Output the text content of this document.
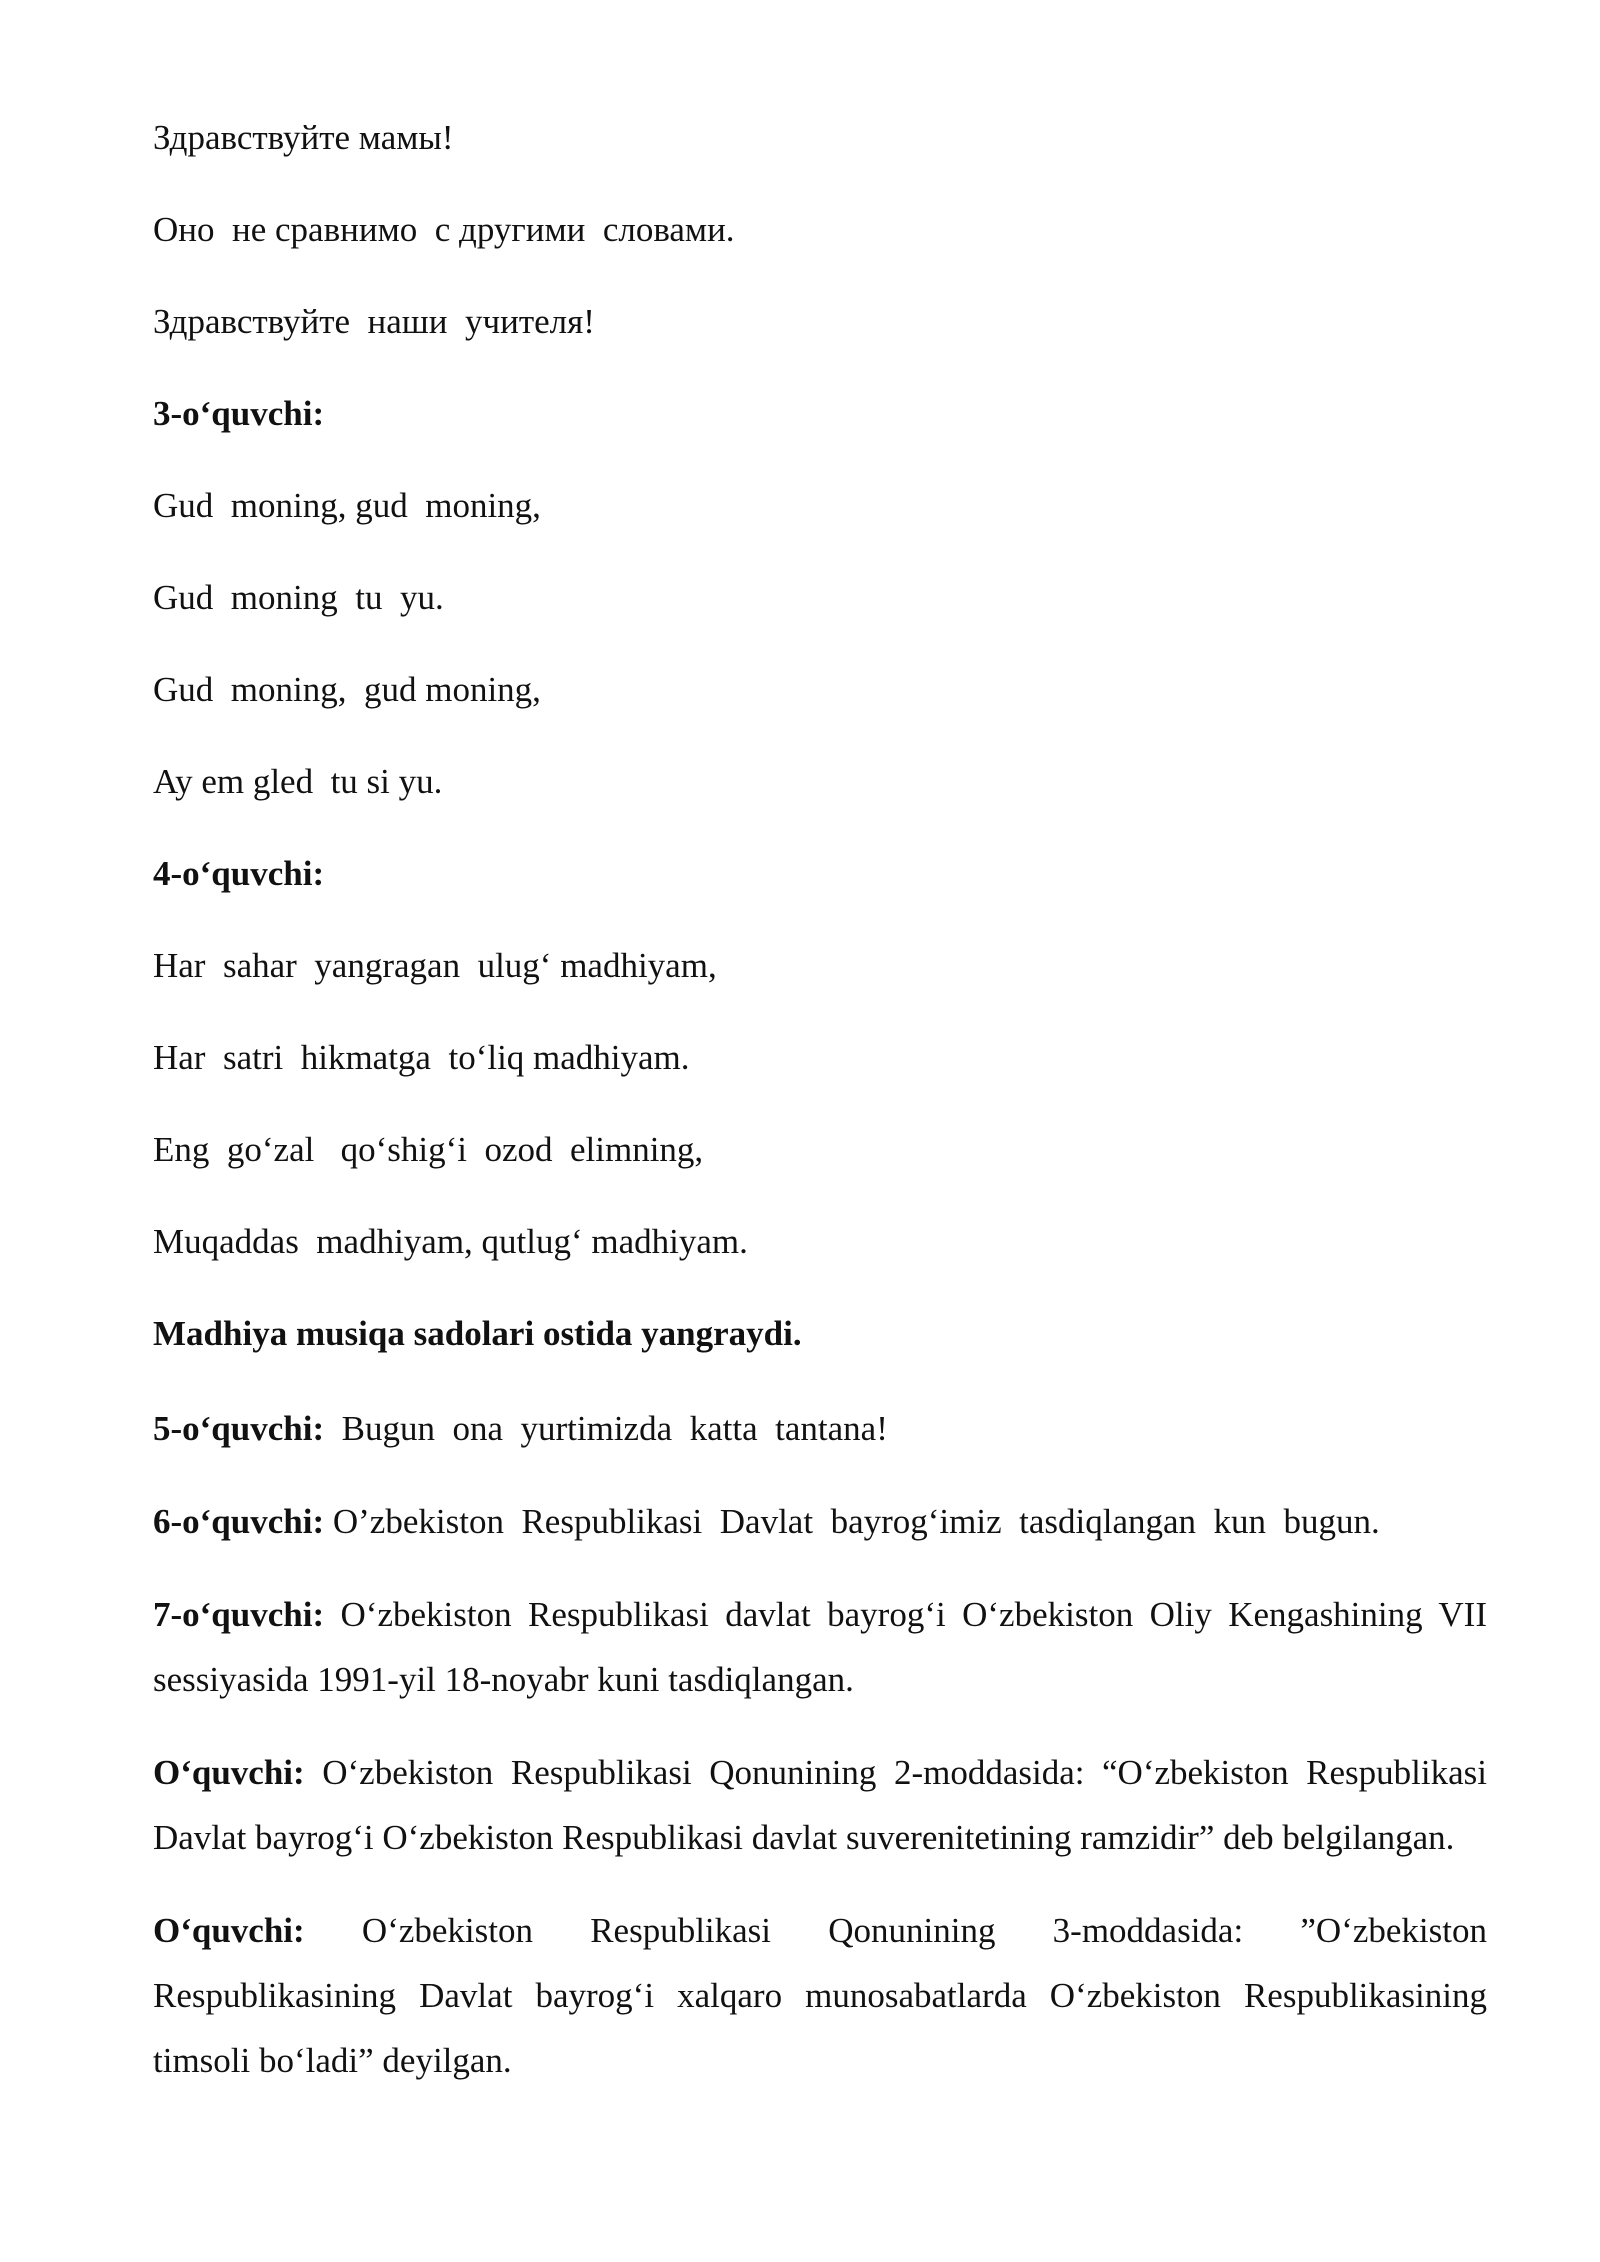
Здравствуйте мамы!

Оно  не сравнимо  с другими  словами.

Здравствуйте  наши  учителя!

3-o‘quvchi:

Gud  moning, gud  moning,

Gud  moning  tu  yu.

Gud  moning,  gud moning,

Ay em gled  tu si yu.

4-o‘quvchi:

Har  sahar  yangragan  ulug‘ madhiyam,

Har  satri  hikmatga  to‘liq madhiyam.

Eng  go‘zal   qo‘shig‘i  ozod  elimning,

Muqaddas  madhiyam, qutlug‘ madhiyam.

Madhiya musiqa sadolari ostida yangraydi.

5-o‘quvchi:  Bugun  ona  yurtimizda  katta  tantana!

6-o‘quvchi: O’zbekiston  Respublikasi  Davlat  bayrog‘imiz  tasdiqlangan  kun  bugun.

7-o‘quvchi: O‘zbekiston Respublikasi davlat bayrog‘i O‘zbekiston Oliy Kengashining VII sessiyasida 1991-yil 18-noyabr kuni tasdiqlangan.

O‘quvchi: O‘zbekiston Respublikasi Qonunining 2-moddasida: “O‘zbekiston Respublikasi Davlat bayrog‘i O‘zbekiston Respublikasi davlat suverenitetining ramzidir” deb belgilangan.

O‘quvchi: O‘zbekiston Respublikasi Qonunining 3-moddasida: ”O‘zbekiston Respublikasining Davlat bayrog‘i xalqaro munosabatlarda O‘zbekiston Respublikasining timsoli bo‘ladi” deyilgan.
